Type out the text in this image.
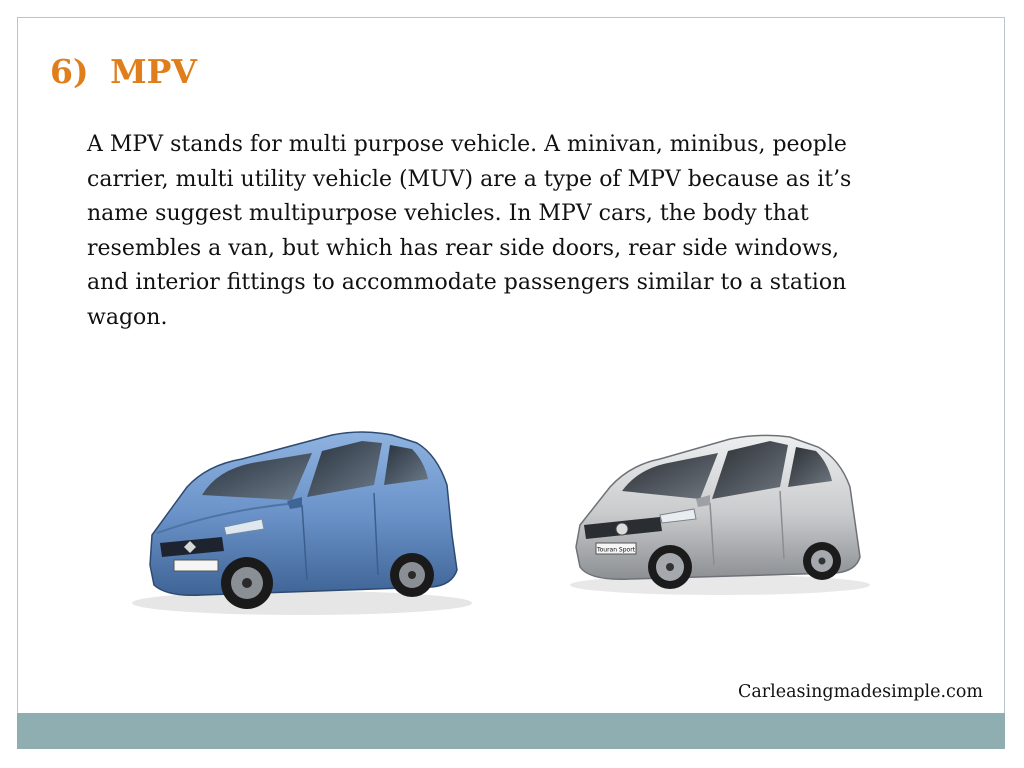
6) MPV
A MPV stands for multi purpose vehicle. A minivan, minibus, people
carrier, multi utility vehicle (MUV) are a type of MPV because as it’s
name suggest multipurpose vehicles. In MPV cars, the body that
resembles a van, but which has rear side doors, rear side windows,
and interior fittings to accommodate passengers similar to a station
wagon.
Touran Sport
Carleasingmadesimple.com
